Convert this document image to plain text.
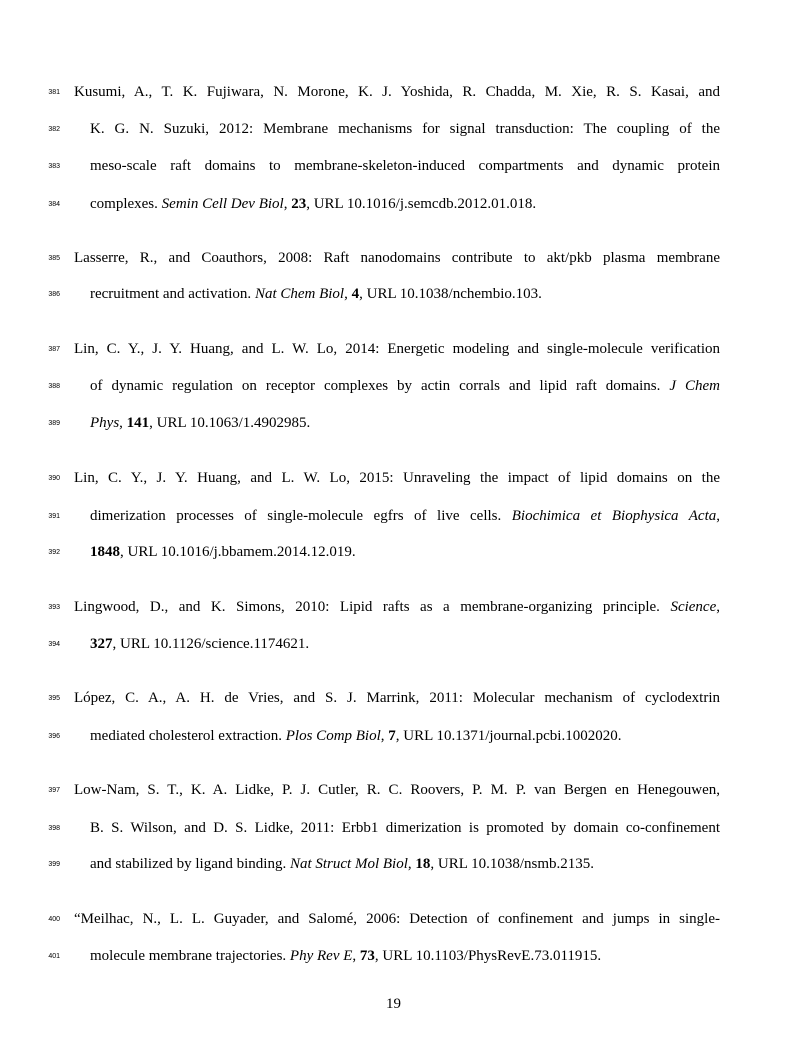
381 Kusumi, A., T. K. Fujiwara, N. Morone, K. J. Yoshida, R. Chadda, M. Xie, R. S. Kasai, and
382 K. G. N. Suzuki, 2012: Membrane mechanisms for signal transduction: The coupling of the
383 meso-scale raft domains to membrane-skeleton-induced compartments and dynamic protein
384 complexes. Semin Cell Dev Biol, 23, URL 10.1016/j.semcdb.2012.01.018.
385 Lasserre, R., and Coauthors, 2008: Raft nanodomains contribute to akt/pkb plasma membrane
386 recruitment and activation. Nat Chem Biol, 4, URL 10.1038/nchembio.103.
387 Lin, C. Y., J. Y. Huang, and L. W. Lo, 2014: Energetic modeling and single-molecule verification
388 of dynamic regulation on receptor complexes by actin corrals and lipid raft domains. J Chem
389 Phys, 141, URL 10.1063/1.4902985.
390 Lin, C. Y., J. Y. Huang, and L. W. Lo, 2015: Unraveling the impact of lipid domains on the
391 dimerization processes of single-molecule egfrs of live cells. Biochimica et Biophysica Acta,
392 1848, URL 10.1016/j.bbamem.2014.12.019.
393 Lingwood, D., and K. Simons, 2010: Lipid rafts as a membrane-organizing principle. Science,
394 327, URL 10.1126/science.1174621.
395 López, C. A., A. H. de Vries, and S. J. Marrink, 2011: Molecular mechanism of cyclodextrin
396 mediated cholesterol extraction. Plos Comp Biol, 7, URL 10.1371/journal.pcbi.1002020.
397 Low-Nam, S. T., K. A. Lidke, P. J. Cutler, R. C. Roovers, P. M. P. van Bergen en Henegouwen,
398 B. S. Wilson, and D. S. Lidke, 2011: Erbb1 dimerization is promoted by domain co-confinement
399 and stabilized by ligand binding. Nat Struct Mol Biol, 18, URL 10.1038/nsmb.2135.
400 “Meilhac, N., L. L. Guyader, and Salomé, 2006: Detection of confinement and jumps in single-
401 molecule membrane trajectories. Phy Rev E, 73, URL 10.1103/PhysRevE.73.011915.
19
